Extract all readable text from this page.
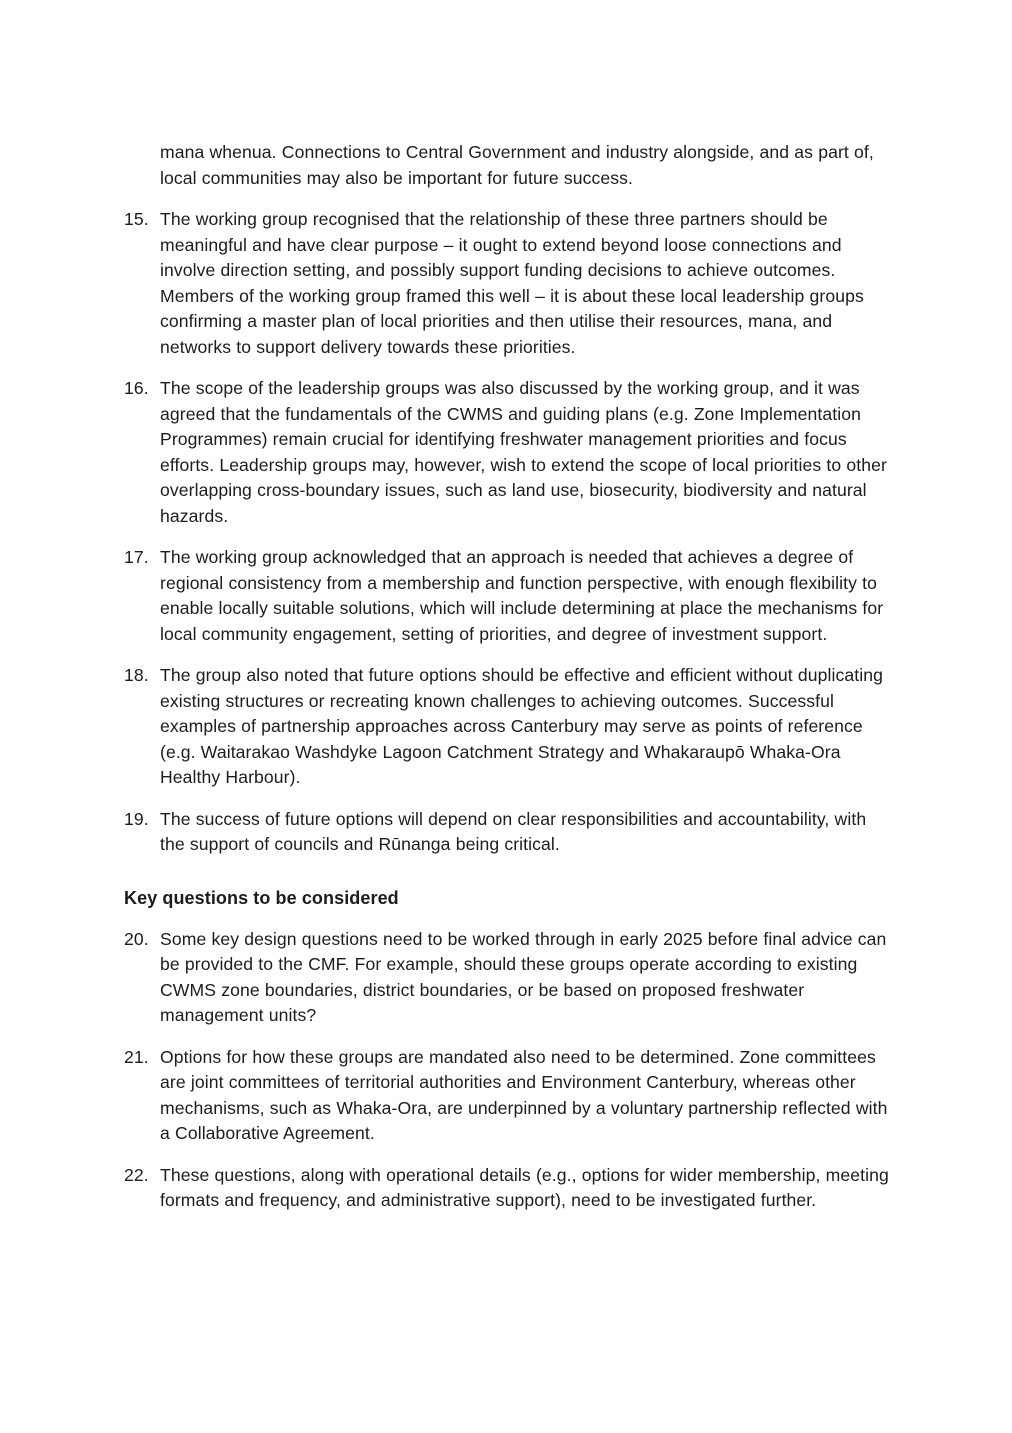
mana whenua. Connections to Central Government and industry alongside, and as part of, local communities may also be important for future success.

15. The working group recognised that the relationship of these three partners should be meaningful and have clear purpose – it ought to extend beyond loose connections and involve direction setting, and possibly support funding decisions to achieve outcomes. Members of the working group framed this well – it is about these local leadership groups confirming a master plan of local priorities and then utilise their resources, mana, and networks to support delivery towards these priorities.
16. The scope of the leadership groups was also discussed by the working group, and it was agreed that the fundamentals of the CWMS and guiding plans (e.g. Zone Implementation Programmes) remain crucial for identifying freshwater management priorities and focus efforts. Leadership groups may, however, wish to extend the scope of local priorities to other overlapping cross-boundary issues, such as land use, biosecurity, biodiversity and natural hazards.
17. The working group acknowledged that an approach is needed that achieves a degree of regional consistency from a membership and function perspective, with enough flexibility to enable locally suitable solutions, which will include determining at place the mechanisms for local community engagement, setting of priorities, and degree of investment support.
18. The group also noted that future options should be effective and efficient without duplicating existing structures or recreating known challenges to achieving outcomes. Successful examples of partnership approaches across Canterbury may serve as points of reference (e.g. Waitarakao Washdyke Lagoon Catchment Strategy and Whakaraupō Whaka-Ora Healthy Harbour).
19. The success of future options will depend on clear responsibilities and accountability, with the support of councils and Rūnanga being critical.
Key questions to be considered
20. Some key design questions need to be worked through in early 2025 before final advice can be provided to the CMF. For example, should these groups operate according to existing CWMS zone boundaries, district boundaries, or be based on proposed freshwater management units?
21. Options for how these groups are mandated also need to be determined. Zone committees are joint committees of territorial authorities and Environment Canterbury, whereas other mechanisms, such as Whaka-Ora, are underpinned by a voluntary partnership reflected with a Collaborative Agreement.
22. These questions, along with operational details (e.g., options for wider membership, meeting formats and frequency, and administrative support), need to be investigated further.
